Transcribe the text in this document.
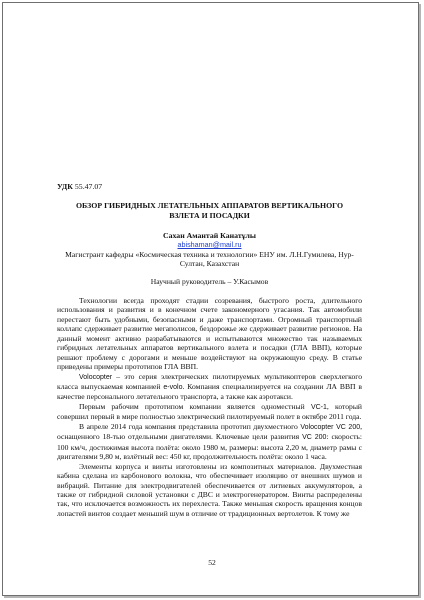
УДК 55.47.07
ОБЗОР ГИБРИДНЫХ ЛЕТАТЕЛЬНЫХ АППАРАТОВ ВЕРТИКАЛЬНОГО ВЗЛЕТА И ПОСАДКИ
Сахан Амантай Канатұлы
abishaman@mail.ru
Магистрант кафедры «Космическая техника и технологии» ЕНУ им. Л.Н.Гумилева, Нур-Султан, Казахстан
Научный руководитель – У.Касымов

Технологии всегда проходят стадии созревания, быстрого роста, длительного использования и развития и в конечном счете закономерного угасания. Так автомобили перестают быть удобными, безопасными и даже транспортами. Огромный транспортный коллапс сдерживает развитие мегаполисов, бездорожье же сдерживает развитие регионов. На данный момент активно разрабатываются и испытываются множество так называемых гибридных летательных аппаратов вертикального взлета и посадки (ГЛА ВВП), которые решают проблему с дорогами и меньше воздействуют на окружающую среду. В статье приведены примеры прототипов ГЛА ВВП.

Volocopter – это серия электрических пилотируемых мультикоптеров сверхлегкого класса выпускаемая компанией e-volo. Компания специализируется на создании ЛА ВВП в качестве персонального летательного транспорта, а также как аэротакси.

Первым рабочим прототипом компании является одноместный VC-1, который совершил первый в мире полностью электрический пилотируемый полет в октябре 2011 года.

В апреле 2014 года компания представила прототип двухместного Volocopter VC 200, оснащенного 18-тью отдельными двигателями. Ключевые цели развития VC 200: скорость: 100 км/ч, достижимая высота полёта: около 1980 м, размеры: высота 2,20 м, диаметр рамы с двигателями 9,80 м, взлётный вес: 450 кг, продолжительность полёта: около 1 часа.

Элементы корпуса и винты изготовлены из композитных материалов. Двухместная кабина сделана из карбонового волокна, что обеспечивает изоляцию от внешних шумов и вибраций. Питание для электродвигателей обеспечивается от литиевых аккумуляторов, а также от гибридной силовой установки с ДВС и электрогенератором. Винты распределены так, что исключается возможность их перехлеста. Также меньшая скорость вращения концов лопастей винтов создает меньший шум в отличие от традиционных вертолетов. К тому же

52
